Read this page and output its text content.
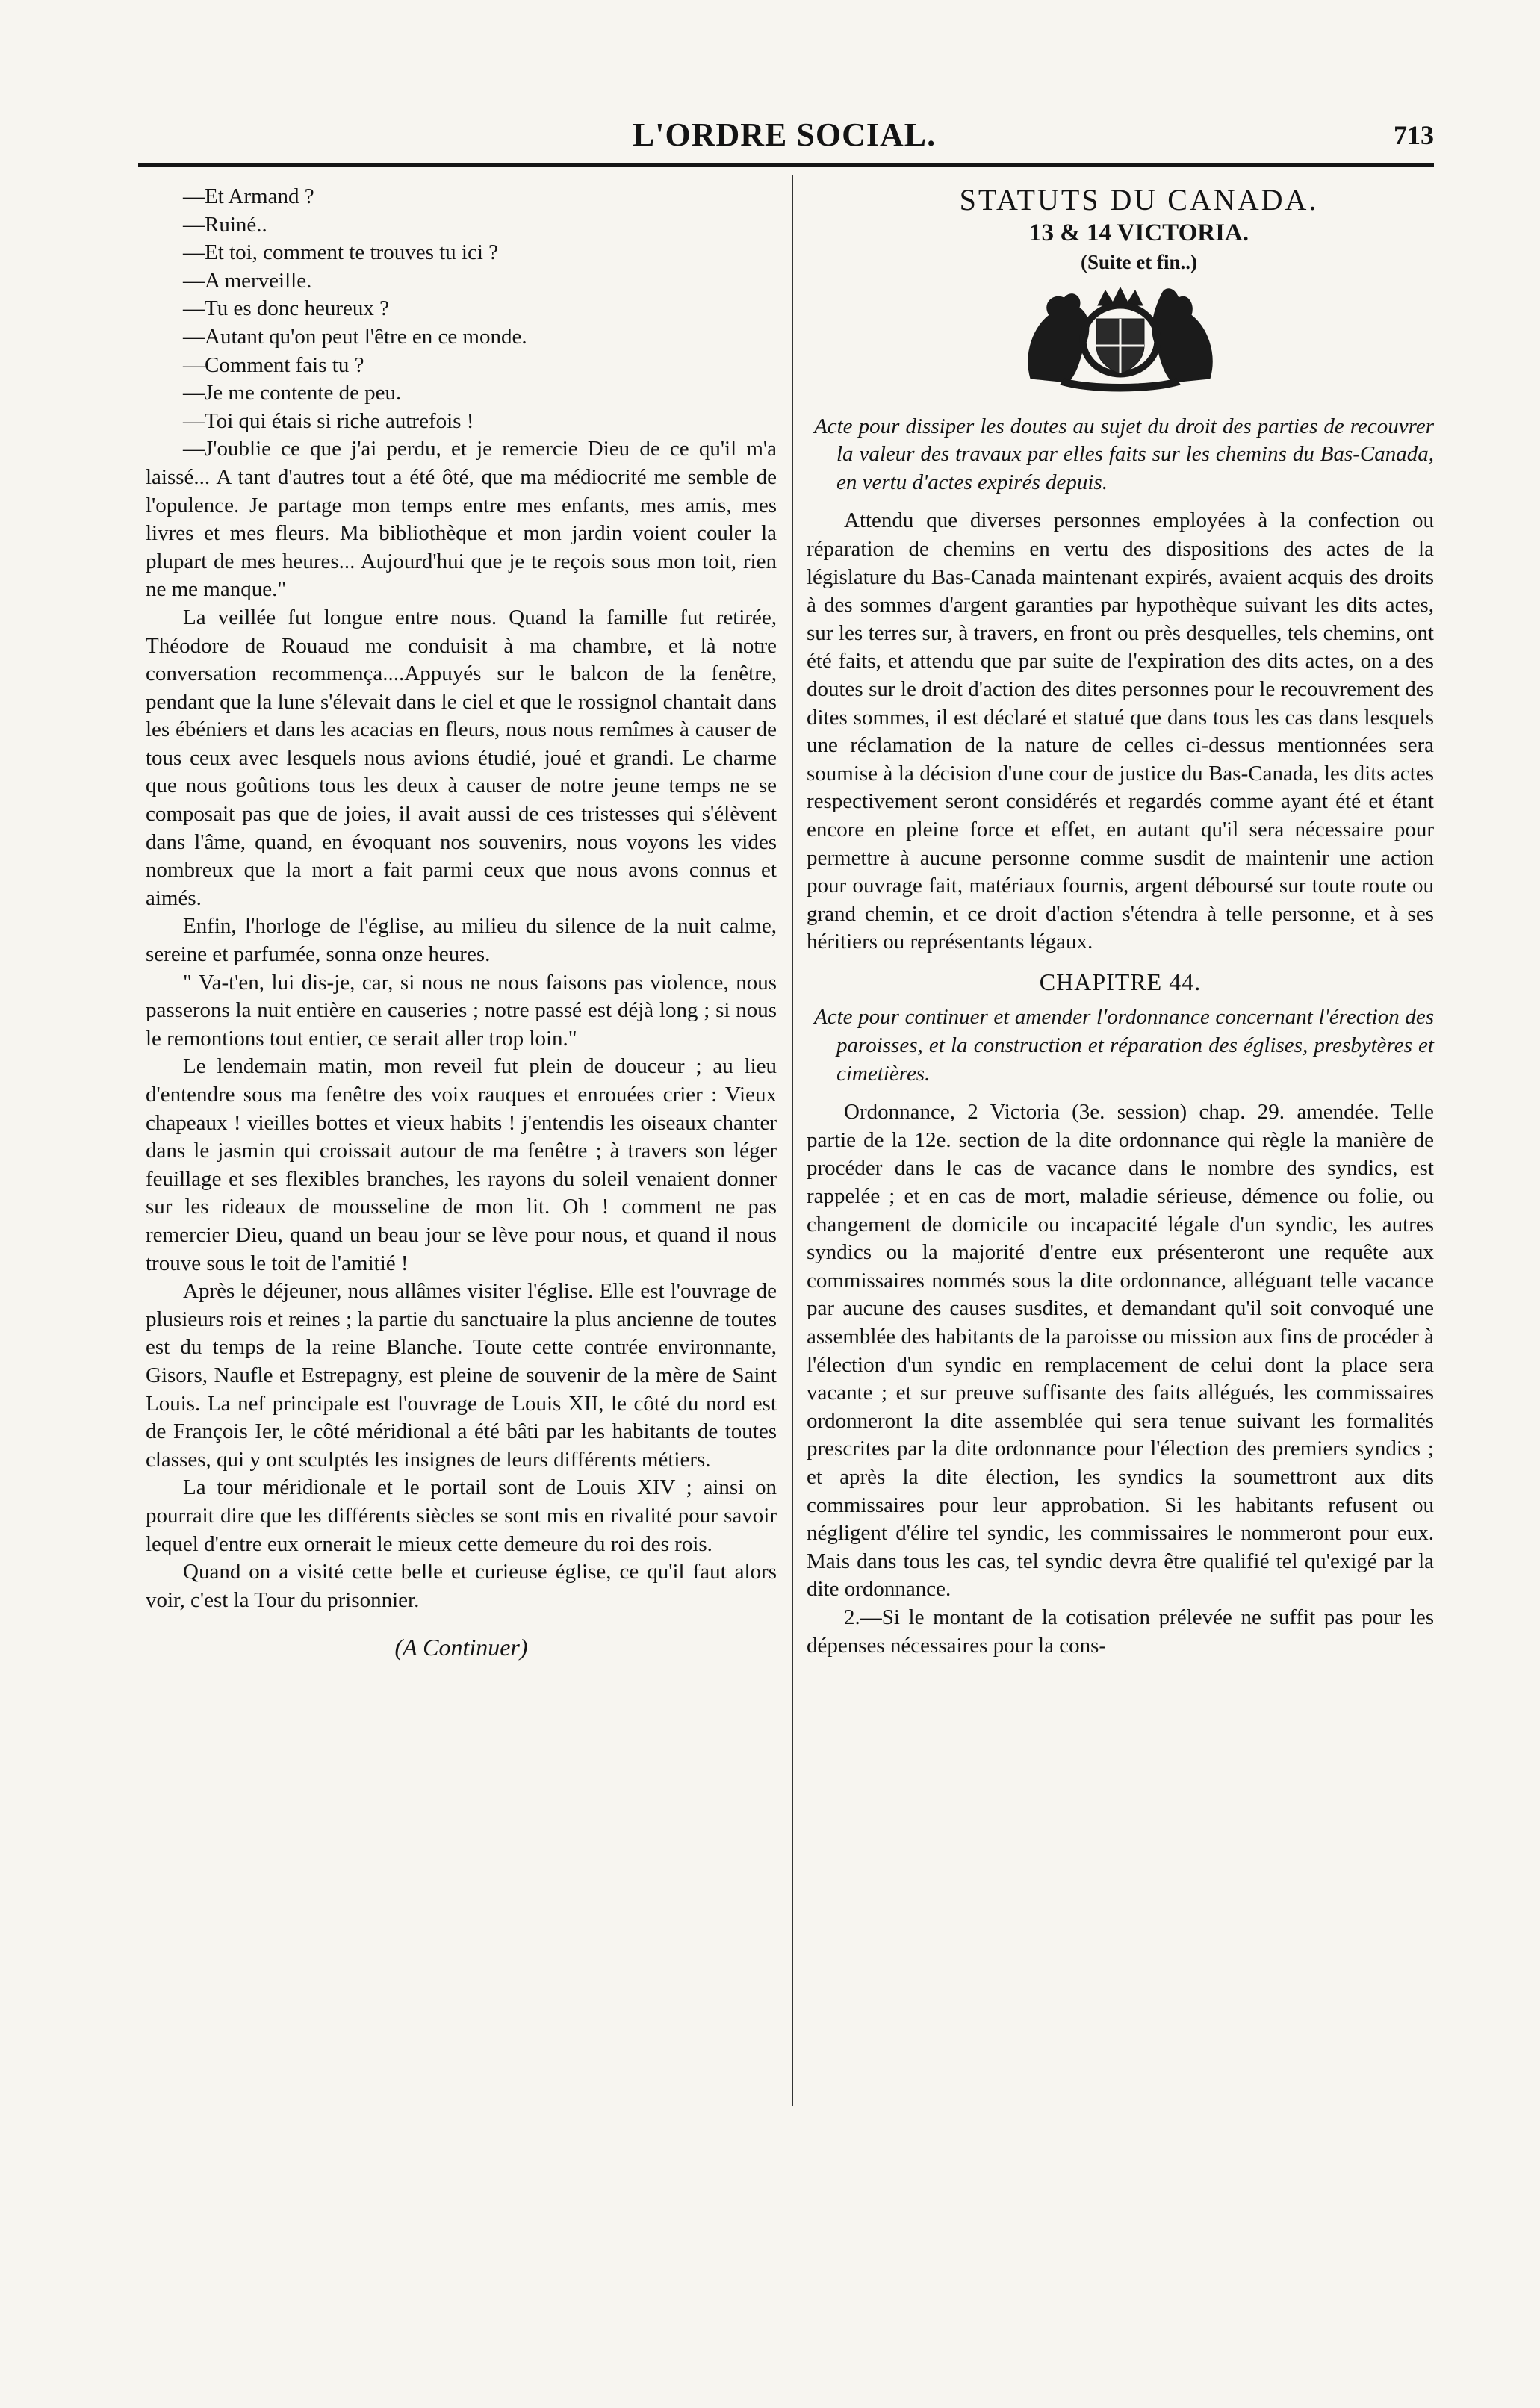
L'ORDRE SOCIAL.	713

—Et Armand ?

—Ruiné..

—Et toi, comment te trouves tu ici ?

—A merveille.

—Tu es donc heureux ?

—Autant qu'on peut l'être en ce monde.

—Comment fais tu ?

—Je me contente de peu.

—Toi qui étais si riche autrefois !

—J'oublie ce que j'ai perdu, et je remercie Dieu de ce qu'il m'a laissé... A tant d'autres tout a été ôté, que ma médiocrité me semble de l'opulence. Je partage mon temps entre mes enfants, mes amis, mes livres et mes fleurs. Ma bibliothèque et mon jardin voient couler la plupart de mes heures... Aujourd'hui que je te reçois sous mon toit, rien ne me manque."

La veillée fut longue entre nous. Quand la famille fut retirée, Théodore de Rouaud me conduisit à ma chambre, et là notre conversation recommença....Appuyés sur le balcon de la fenêtre, pendant que la lune s'élevait dans le ciel et que le rossignol chantait dans les ébéniers et dans les acacias en fleurs, nous nous remîmes à causer de tous ceux avec lesquels nous avions étudié, joué et grandi. Le charme que nous goûtions tous les deux à causer de notre jeune temps ne se composait pas que de joies, il avait aussi de ces tristesses qui s'élèvent dans l'âme, quand, en évoquant nos souvenirs, nous voyons les vides nombreux que la mort a fait parmi ceux que nous avons connus et aimés.

Enfin, l'horloge de l'église, au milieu du silence de la nuit calme, sereine et parfumée, sonna onze heures.

" Va-t'en, lui dis-je, car, si nous ne nous faisons pas violence, nous passerons la nuit entière en causeries ; notre passé est déjà long ; si nous le remontions tout entier, ce serait aller trop loin."

Le lendemain matin, mon reveil fut plein de douceur ; au lieu d'entendre sous ma fenêtre des voix rauques et enrouées crier : Vieux chapeaux ! vieilles bottes et vieux habits ! j'entendis les oiseaux chanter dans le jasmin qui croissait autour de ma fenêtre ; à travers son léger feuillage et ses flexibles branches, les rayons du soleil venaient donner sur les rideaux de mousseline de mon lit. Oh ! comment ne pas remercier Dieu, quand un beau jour se lève pour nous, et quand il nous trouve sous le toit de l'amitié !

Après le déjeuner, nous allâmes visiter l'église. Elle est l'ouvrage de plusieurs rois et reines ; la partie du sanctuaire la plus ancienne de toutes est du temps de la reine Blanche. Toute cette contrée environnante, Gisors, Naufle et Estrepagny, est pleine de souvenir de la mère de Saint Louis. La nef principale est l'ouvrage de Louis XII, le côté du nord est de François Ier, le côté méridional a été bâti par les habitants de toutes classes, qui y ont sculptés les insignes de leurs différents métiers.

La tour méridionale et le portail sont de Louis XIV ; ainsi on pourrait dire que les différents siècles se sont mis en rivalité pour savoir lequel d'entre eux ornerait le mieux cette demeure du roi des rois.

Quand on a visité cette belle et curieuse église, ce qu'il faut alors voir, c'est la Tour du prisonnier.

(A Continuer)

STATUTS DU CANADA.

13 & 14 VICTORIA.

(Suite et fin..)

Acte pour dissiper les doutes au sujet du droit des parties de recouvrer la valeur des travaux par elles faits sur les chemins du Bas-Canada, en vertu d'actes expirés depuis.

Attendu que diverses personnes employées à la confection ou réparation de chemins en vertu des dispositions des actes de la législature du Bas-Canada maintenant expirés, avaient acquis des droits à des sommes d'argent garanties par hypothèque suivant les dits actes, sur les terres sur, à travers, en front ou près desquelles, tels chemins, ont été faits, et attendu que par suite de l'expiration des dits actes, on a des doutes sur le droit d'action des dites personnes pour le recouvrement des dites sommes, il est déclaré et statué que dans tous les cas dans lesquels une réclamation de la nature de celles ci-dessus mentionnées sera soumise à la décision d'une cour de justice du Bas-Canada, les dits actes respectivement seront considérés et regardés comme ayant été et étant encore en pleine force et effet, en autant qu'il sera nécessaire pour permettre à aucune personne comme susdit de maintenir une action pour ouvrage fait, matériaux fournis, argent déboursé sur toute route ou grand chemin, et ce droit d'action s'étendra à telle personne, et à ses héritiers ou représentants légaux.

CHAPITRE 44.

Acte pour continuer et amender l'ordonnance concernant l'érection des paroisses, et la construction et réparation des églises, presbytères et cimetières.

Ordonnance, 2 Victoria (3e. session) chap. 29. amendée. Telle partie de la 12e. section de la dite ordonnance qui règle la manière de procéder dans le cas de vacance dans le nombre des syndics, est rappelée ; et en cas de mort, maladie sérieuse, démence ou folie, ou changement de domicile ou incapacité légale d'un syndic, les autres syndics ou la majorité d'entre eux présenteront une requête aux commissaires nommés sous la dite ordonnance, alléguant telle vacance par aucune des causes susdites, et demandant qu'il soit convoqué une assemblée des habitants de la paroisse ou mission aux fins de procéder à l'élection d'un syndic en remplacement de celui dont la place sera vacante ; et sur preuve suffisante des faits allégués, les commissaires ordonneront la dite assemblée qui sera tenue suivant les formalités prescrites par la dite ordonnance pour l'élection des premiers syndics ; et après la dite élection, les syndics la soumettront aux dits commissaires pour leur approbation. Si les habitants refusent ou négligent d'élire tel syndic, les commissaires le nommeront pour eux. Mais dans tous les cas, tel syndic devra être qualifié tel qu'exigé par la dite ordonnance.

2.—Si le montant de la cotisation prélevée ne suffit pas pour les dépenses nécessaires pour la cons-
